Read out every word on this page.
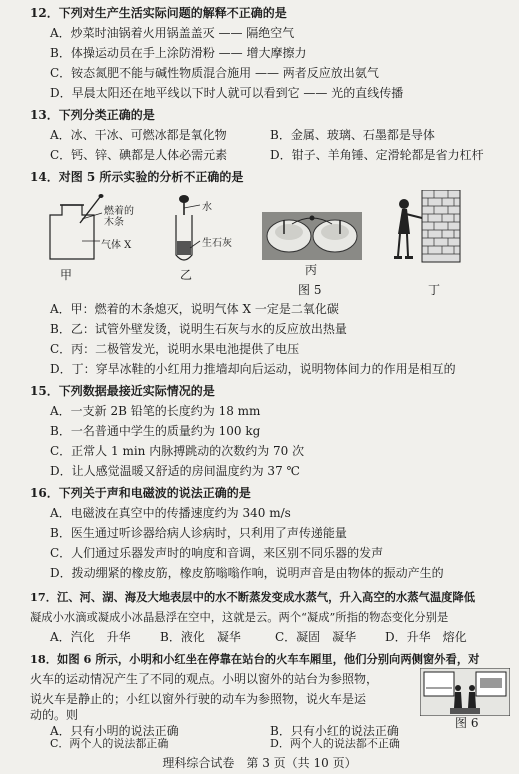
12．下列对生产生活实际问题的解释不正确的是
A．炒菜时油锅着火用锅盖盖灭 —— 隔绝空气
B．体操运动员在手上涂防滑粉 —— 增大摩擦力
C．铵态氮肥不能与碱性物质混合施用 —— 两者反应放出氨气
D．早晨太阳还在地平线以下时人就可以看到它 —— 光的直线传播
13．下列分类正确的是
A．冰、干冰、可燃冰都是氧化物	B．金属、玻璃、石墨都是导体
C．钙、锌、碘都是人体必需元素	D．钳子、羊角锤、定滑轮都是省力杠杆
14．对图 5 所示实验的分析不正确的是
燃着的
木条
气体 X
甲
水
生石灰
乙	丙
图 5	丁
A．甲：燃着的木条熄灭，说明气体 X 一定是二氧化碳
B．乙：试管外壁发烫，说明生石灰与水的反应放出热量
C．丙：二极管发光，说明水果电池提供了电压
D．丁：穿旱冰鞋的小红用力推墙却向后运动，说明物体间力的作用是相互的
15．下列数据最接近实际情况的是
A．一支新 2B 铅笔的长度约为 18 mm
B．一名普通中学生的质量约为 100 kg
C．正常人 1 min 内脉搏跳动的次数约为 70 次
D．让人感觉温暖又舒适的房间温度约为 37 ℃
16．下列关于声和电磁波的说法正确的是
A．电磁波在真空中的传播速度约为 340 m/s
B．医生通过听诊器给病人诊病时，只利用了声传递能量
C．人们通过乐器发声时的响度和音调，来区别不同乐器的发声
D．拨动绷紧的橡皮筋，橡皮筋嗡嗡作响，说明声音是由物体的振动产生的
17．江、河、湖、海及大地表层中的水不断蒸发变成水蒸气，升入高空的水蒸气温度降低
凝成小水滴或凝成小冰晶悬浮在空中，这就是云。两个“凝成”所指的物态变化分别是
A．汽化　升华 B．液化　凝华	C．凝固　凝华 D．升华　熔化
18．如图 6 所示，小明和小红坐在停靠在站台的火车车厢里，他们分别向两侧窗外看，对
火车的运动情况产生了不同的观点。小明以窗外的站台为参照物，
说火车是静止的；小红以窗外行驶的动车为参照物，说火车是运
动的。则
A．只有小明的说法正确	B．只有小红的说法正确
C．两个人的说法都正确	D．两个人的说法都不正确
图 6
理科综合试卷　第 3 页（共 10 页）
